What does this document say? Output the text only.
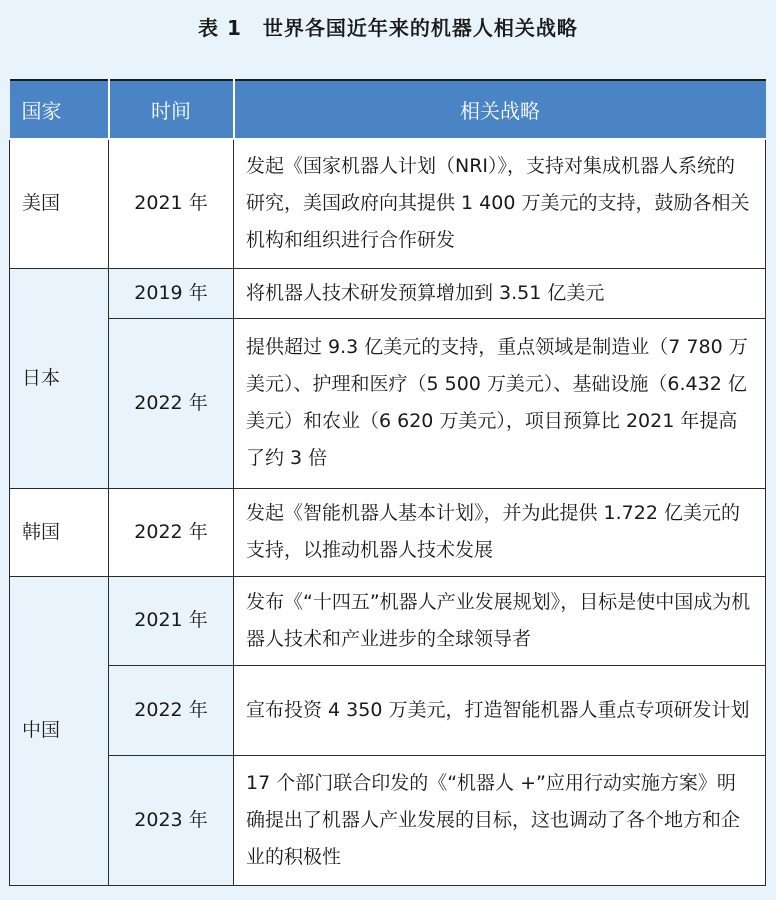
表 1　世界各国近年来的机器人相关战略
国家	时间	相关战略
美国	2021 年	发起《国家机器人计划（NRI）》，支持对集成机器人系统的研究，美国政府向其提供 1 400 万美元的支持，鼓励各相关机构和组织进行合作研发
日本	2019 年	将机器人技术研发预算增加到 3.51 亿美元
	2022 年	提供超过 9.3 亿美元的支持，重点领域是制造业（7 780 万美元）、护理和医疗（5 500 万美元）、基础设施（6.432 亿美元）和农业（6 620 万美元），项目预算比 2021 年提高了约 3 倍
韩国	2022 年	发起《智能机器人基本计划》，并为此提供 1.722 亿美元的支持，以推动机器人技术发展
中国	2021 年	发布《“十四五”机器人产业发展规划》，目标是使中国成为机器人技术和产业进步的全球领导者
	2022 年	宣布投资 4 350 万美元，打造智能机器人重点专项研发计划
	2023 年	17 个部门联合印发的《“机器人 +”应用行动实施方案》明确提出了机器人产业发展的目标，这也调动了各个地方和企业的积极性
